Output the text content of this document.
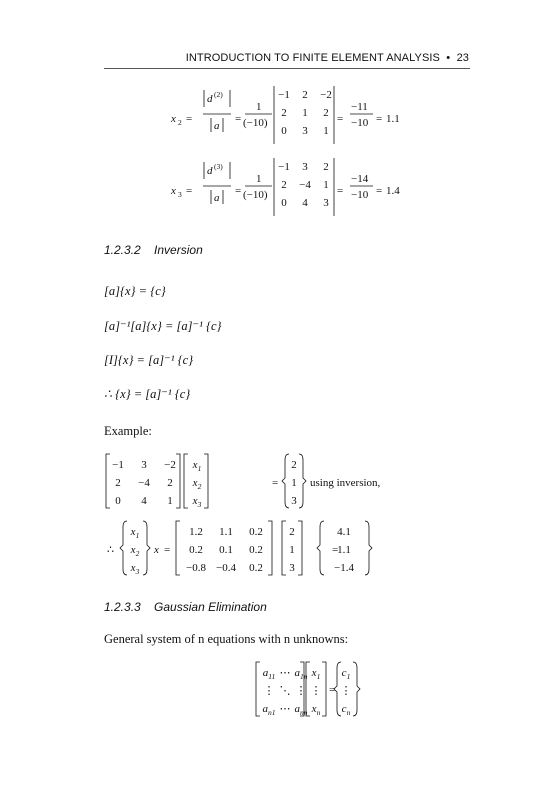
INTRODUCTION TO FINITE ELEMENT ANALYSIS • 23
x 2 =
d (2)
a
=
1
(−10)
−1 2 −2
2 1 2
0 3 1
=
−11
−10 = 1.1
x 3 =
d (3)
a
=
1
(−10)
−1 3 2
2 −4 1
0 4 3
=
−14
−10 = 1.4
1.2.3.2 Inversion
[a]{x} = {c}
[a]⁻¹[a]{x} = [a]⁻¹ {c}
[I]{x} = [a]⁻¹ {c}
∴ {x} = [a]⁻¹ {c}
Example:
−1 3 −2
2 −4 2
0 4 1
$x_1$
$x_2$
$x_3$
=
2
1
3
using inversion,
∴
$x_1$
$x_2$
$x_3$
x =
1.2 1.1 0.2
0.2 0.1 0.2
−0.8 −0.4 0.2
2
1
3
=
4.1
1.1
−1.4
1.2.3.3 Gaussian Elimination
General system of n equations with n unknowns:
$a_{11}$ ⋯ $a_{1n}$
⋮ ⋱ ⋮
$a_{n1}$ ⋯ $a_{nn}$
$x_1$
⋮
$x_n$
=
$c_1$
⋮
$c_n$
